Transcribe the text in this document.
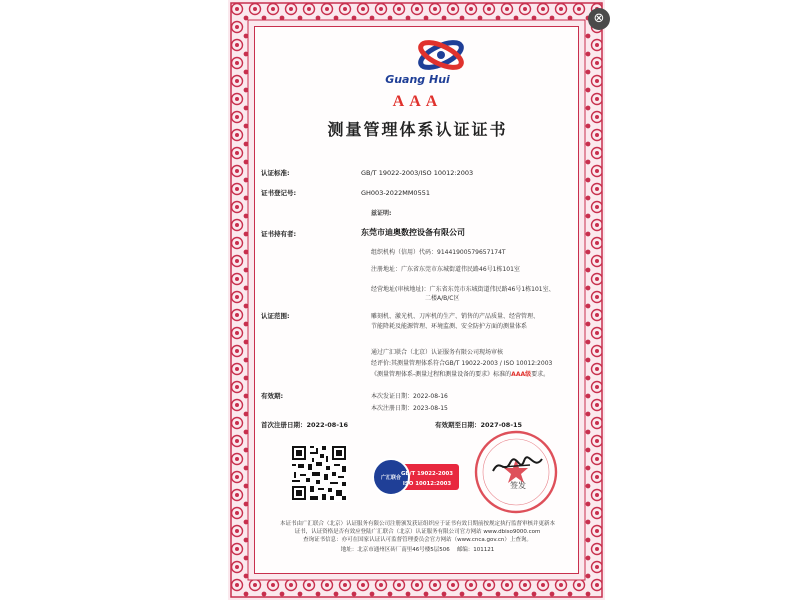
Guang Hui
AAA
测量管理体系认证证书
认证标准:	GB/T 19022-2003/ISO 10012:2003
证书登记号:	GH003-2022MM0551
兹证明:
证书持有者:	东莞市迪奥数控设备有限公司
组织机构（信用）代码：91441900579657174T
注册地址：广东省东莞市东城街道伟民路46号1栋101室
经营地址(审核地址)：广东省东莞市东城街道伟民路46号1栋101室、
二楼A/B/C区
认证范围:	雕刻机、激光机、刀库机的生产、销售的产品质量、经营管理、
节能降耗及能源管理、环境监测、安全防护方面的测量体系
通过广汇联合（北京）认证服务有限公司现场审核
经评价:其测量管理体系符合GB/T 19022-2003 / ISO 10012:2003
《测量管理体系-测量过程和测量设备的要求》标准的AAA级要求。
有效期:	本次发证日期：2022-08-16
本次注册日期：2023-08-15
首次注册日期：2022-08-16	有效期至日期：2027-08-15
广汇联合
GB/T 19022-2003
ISO 10012:2003	签发
本证书由广汇联合（北京）认证服务有限公司注册颁发获证组织应于证书有效日期前按规定执行监督审核并更新本
证书，认证资格是否有效应登陆广汇联合（北京）认证服务有限公司官方网站 www.dbiso9000.com
查询证书信息：亦可在国家认证认可监督管理委员会官方网站（www.cnca.gov.cn）上查询。
地址：北京市通州区砖厂南里46号楼5层506 邮编：101121
⊗
